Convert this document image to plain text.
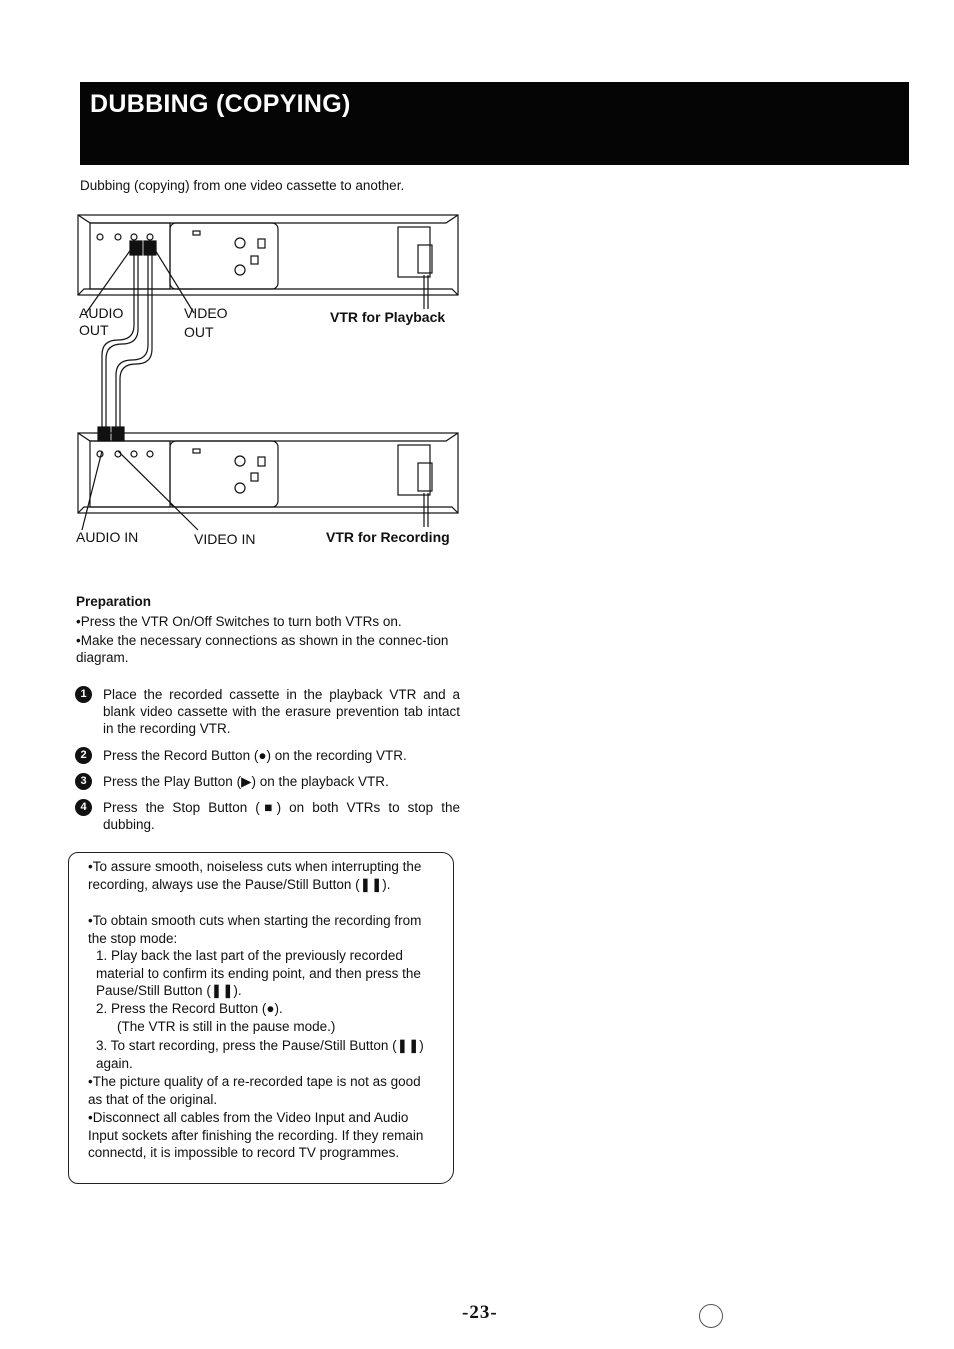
DUBBING (COPYING)
Dubbing (copying) from one video cassette to another.
AUDIO
OUT
VIDEO
OUT
VTR for Playback
AUDIO IN	VIDEO IN	VTR for Recording
Preparation
•Press the VTR On/Off Switches to turn both VTRs on.
•Make the necessary connections as shown in the connec-tion diagram.
1	Place the recorded cassette in the playback VTR and a blank video cassette with the erasure prevention tab intact in the recording VTR.
2	Press the Record Button (●) on the recording VTR.
3	Press the Play Button (▶) on the playback VTR.
4	Press the Stop Button (■) on both VTRs to stop the dubbing.
•To assure smooth, noiseless cuts when interrupting the recording, always use the Pause/Still Button (❚❚).
•To obtain smooth cuts when starting the recording from the stop mode:
1. Play back the last part of the previously recorded material to confirm its ending point, and then press the Pause/Still Button (❚❚).
2. Press the Record Button (●).
(The VTR is still in the pause mode.)
3. To start recording, press the Pause/Still Button (❚❚) again.
•The picture quality of a re-recorded tape is not as good as that of the original.
•Disconnect all cables from the Video Input and Audio Input sockets after finishing the recording. If they remain connectd, it is impossible to record TV programmes.
-23-
